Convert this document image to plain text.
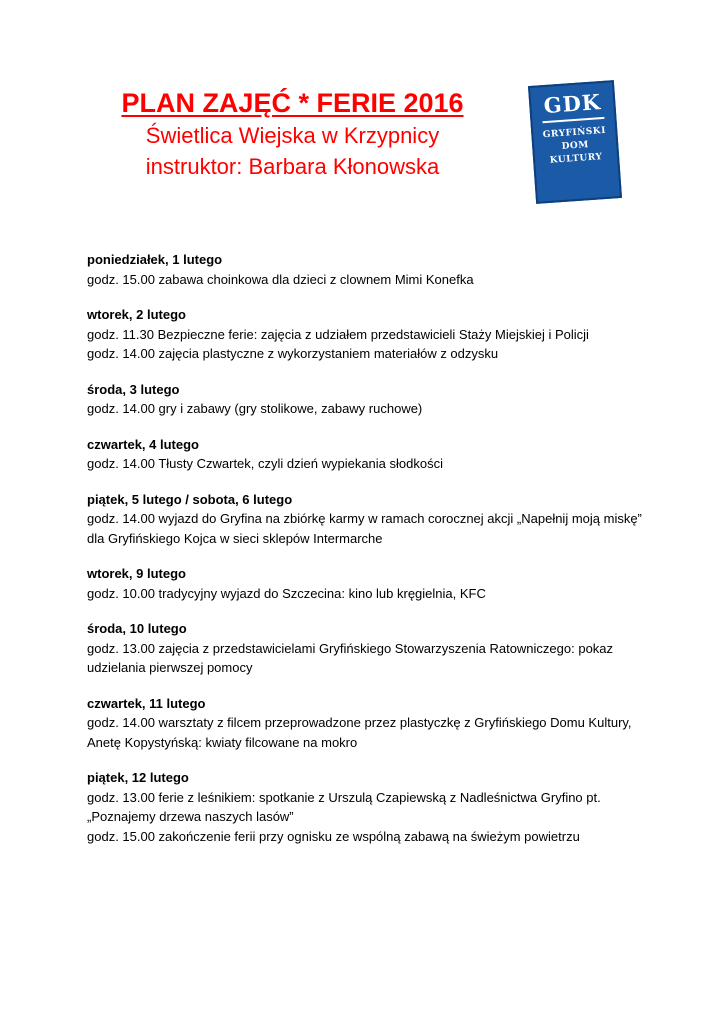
PLAN ZAJĘĆ * FERIE 2016

Świetlica Wiejska w Krzypnicy

instruktor: Barbara Kłonowska

GDK
GRYFIŃSKI
DOM
KULTURY
poniedziałek, 1 lutego

godz. 15.00 zabawa choinkowa dla dzieci z clownem Mimi Konefka

wtorek, 2 lutego

godz. 11.30 Bezpieczne ferie: zajęcia z udziałem przedstawicieli Staży Miejskiej i Policji

godz. 14.00 zajęcia plastyczne z wykorzystaniem materiałów z odzysku

środa, 3 lutego

godz. 14.00 gry i zabawy (gry stolikowe, zabawy ruchowe)

czwartek, 4 lutego

godz. 14.00 Tłusty Czwartek, czyli dzień wypiekania słodkości

piątek, 5 lutego / sobota, 6 lutego

godz. 14.00 wyjazd do Gryfina na zbiórkę karmy w ramach corocznej akcji „Napełnij moją miskę” dla Gryfińskiego Kojca w sieci sklepów Intermarche

wtorek, 9 lutego

godz. 10.00 tradycyjny wyjazd do Szczecina: kino lub kręgielnia, KFC

środa, 10 lutego

godz. 13.00 zajęcia z przedstawicielami Gryfińskiego Stowarzyszenia Ratowniczego: pokaz udzielania pierwszej pomocy

czwartek, 11 lutego

godz. 14.00 warsztaty z filcem przeprowadzone przez plastyczkę z Gryfińskiego Domu Kultury, Anetę Kopystyńską: kwiaty filcowane na mokro

piątek, 12 lutego

godz. 13.00 ferie z leśnikiem: spotkanie z Urszulą Czapiewską z Nadleśnictwa Gryfino pt. „Poznajemy drzewa naszych lasów”

godz. 15.00 zakończenie ferii przy ognisku ze wspólną zabawą na świeżym powietrzu
